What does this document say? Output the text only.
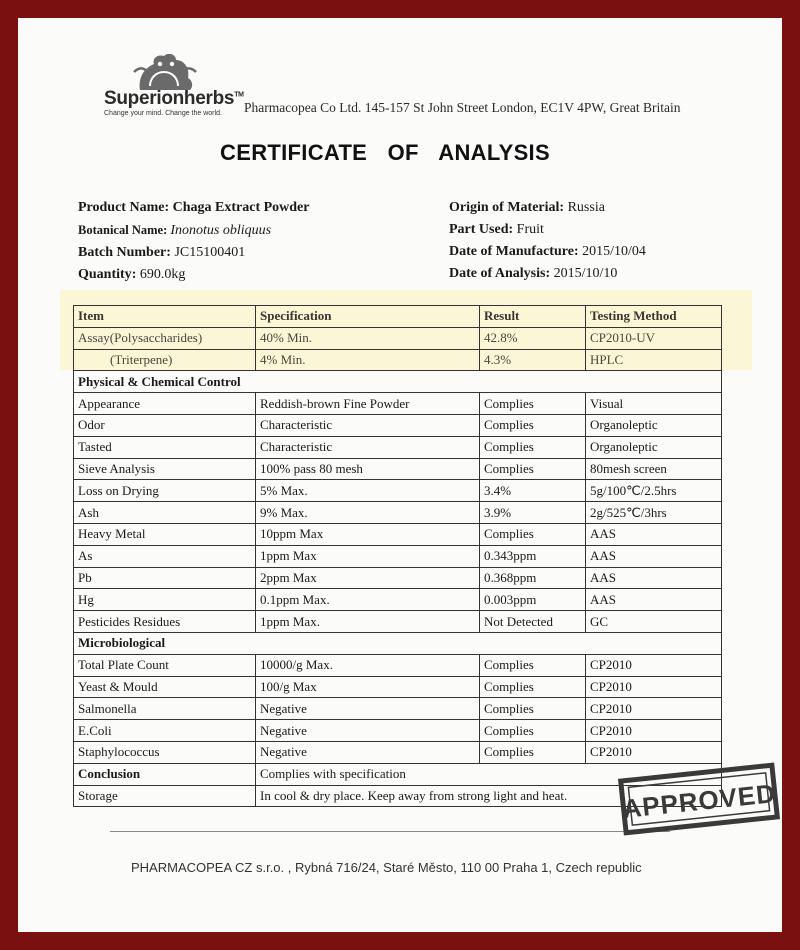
Superionherbs™
Change your mind. Change the world. Pharmacopea Co Ltd. 145-157 St John Street London, EC1V 4PW, Great Britain
CERTIFICATE OF ANALYSIS
Product Name: Chaga Extract Powder
Botanical Name: Inonotus obliquus
Batch Number: JC15100401
Quantity: 690.0kg
Origin of Material: Russia
Part Used: Fruit
Date of Manufacture: 2015/10/04
Date of Analysis: 2015/10/10
Item	Specification	Result	Testing Method
Assay(Polysaccharides)	40% Min.	42.8%	CP2010-UV
(Triterpene)	4% Min.	4.3%	HPLC
Physical & Chemical Control			
Appearance	Reddish-brown Fine Powder	Complies	Visual
Odor	Characteristic	Complies	Organoleptic
Tasted	Characteristic	Complies	Organoleptic
Sieve Analysis	100% pass 80 mesh	Complies	80mesh screen
Loss on Drying	5% Max.	3.4%	5g/100℃/2.5hrs
Ash	9% Max.	3.9%	2g/525℃/3hrs
Heavy Metal	10ppm Max	Complies	AAS
As	1ppm Max	0.343ppm	AAS
Pb	2ppm Max	0.368ppm	AAS
Hg	0.1ppm Max.	0.003ppm	AAS
Pesticides Residues	1ppm Max.	Not Detected	GC
Microbiological			
Total Plate Count	10000/g Max.	Complies	CP2010
Yeast & Mould	100/g Max	Complies	CP2010
Salmonella	Negative	Complies	CP2010
E.Coli	Negative	Complies	CP2010
Staphylococcus	Negative	Complies	CP2010
Conclusion	Complies with specification		
Storage	In cool & dry place. Keep away from strong light and heat.		
PHARMACOPEA CZ s.r.o. , Rybná 716/24, Staré Město, 110 00 Praha 1, Czech republic
APPROVED
